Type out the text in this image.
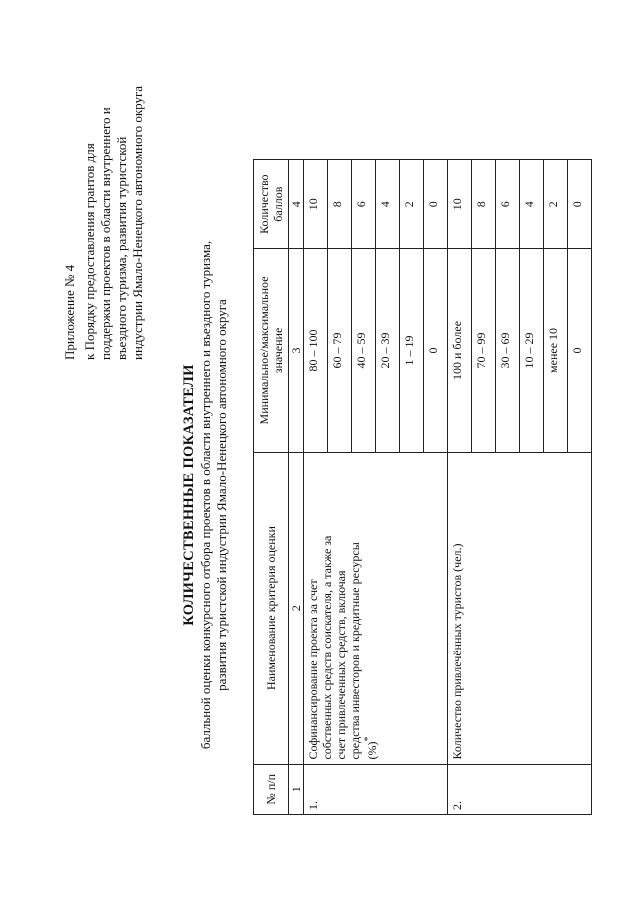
Приложение № 4 к Порядку предоставления грантов для поддержки проектов в области внутреннего и въездного туризма, развития туристской индустрии Ямало-Ненецкого автономного округа
КОЛИЧЕСТВЕННЫЕ ПОКАЗАТЕЛИ балльной оценки конкурсного отбора проектов в области внутреннего и въездного туризма, развития туристской индустрии Ямало-Ненецкого автономного округа
№ п/п	Наименование критерия оценки	Минимальное/максимальное значение	Количество баллов
1	2	3	4
1.	Софинансирование проекта за счет собственных средств соискателя, а также за счет привлеченных средств, включая средства инвесторов и кредитные ресурсы (%)*	80 – 100	10
		60 – 79	8
		40 – 59	6
		20 – 39	4
		1 – 19	2
		0	0
2.	Количество привлечённых туристов (чел.)	100 и более	10
		70 – 99	8
		30 – 69	6
		10 – 29	4
		менее 10	2
		0	0
